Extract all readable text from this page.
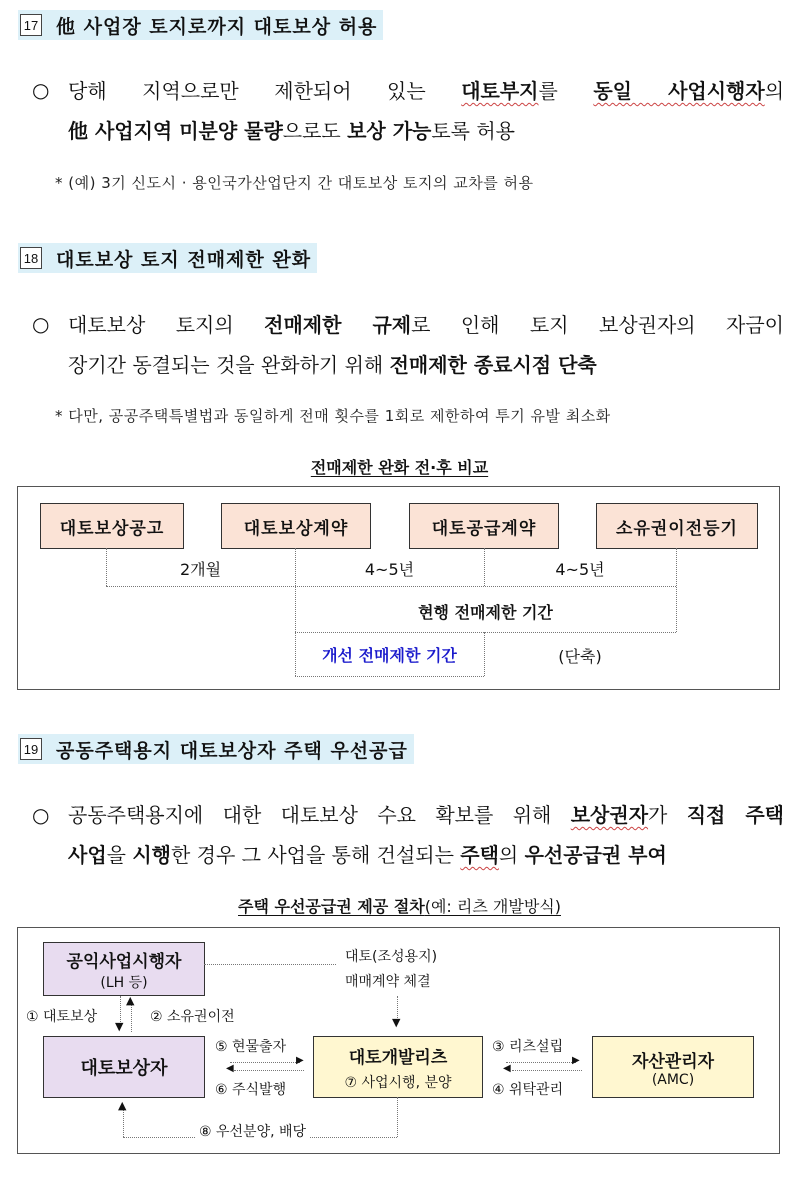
17 他 사업장 토지로까지 대토보상 허용
○ 당해 지역으로만 제한되어 있는 대토부지를 동일 사업시행자의
他 사업지역 미분양 물량으로도 보상 가능토록 허용
* (예) 3기 신도시 · 용인국가산업단지 간 대토보상 토지의 교차를 허용
18 대토보상 토지 전매제한 완화
○ 대토보상 토지의 전매제한 규제로 인해 토지 보상권자의 자금이
장기간 동결되는 것을 완화하기 위해 전매제한 종료시점 단축
* 다만, 공공주택특별법과 동일하게 전매 횟수를 1회로 제한하여 투기 유발 최소화
전매제한 완화 전·후 비교
대토보상공고	대토보상계약	대토공급계약	소유권이전등기
2개월	4~5년	4~5년
현행 전매제한 기간
개선 전매제한 기간	(단축)
19 공동주택용지 대토보상자 주택 우선공급
○ 공동주택용지에 대한 대토보상 수요 확보를 위해 보상권자가 직접 주택
사업을 시행한 경우 그 사업을 통해 건설되는 주택의 우선공급권 부여
주택 우선공급권 제공 절차(예: 리츠 개발방식)
공익사업시행자
(LH 등)
대토보상자
대토개발리츠
⑦ 사업시행, 분양
자산관리자
(AMC)
대토(조성용지)
매매계약 체결
▼
▼
▲
① 대토보상	② 소유권이전
⑤ 현물출자
▶
◀
⑥ 주식발행
③ 리츠설립
▶
◀
④ 위탁관리
▲
⑧ 우선분양, 배당
